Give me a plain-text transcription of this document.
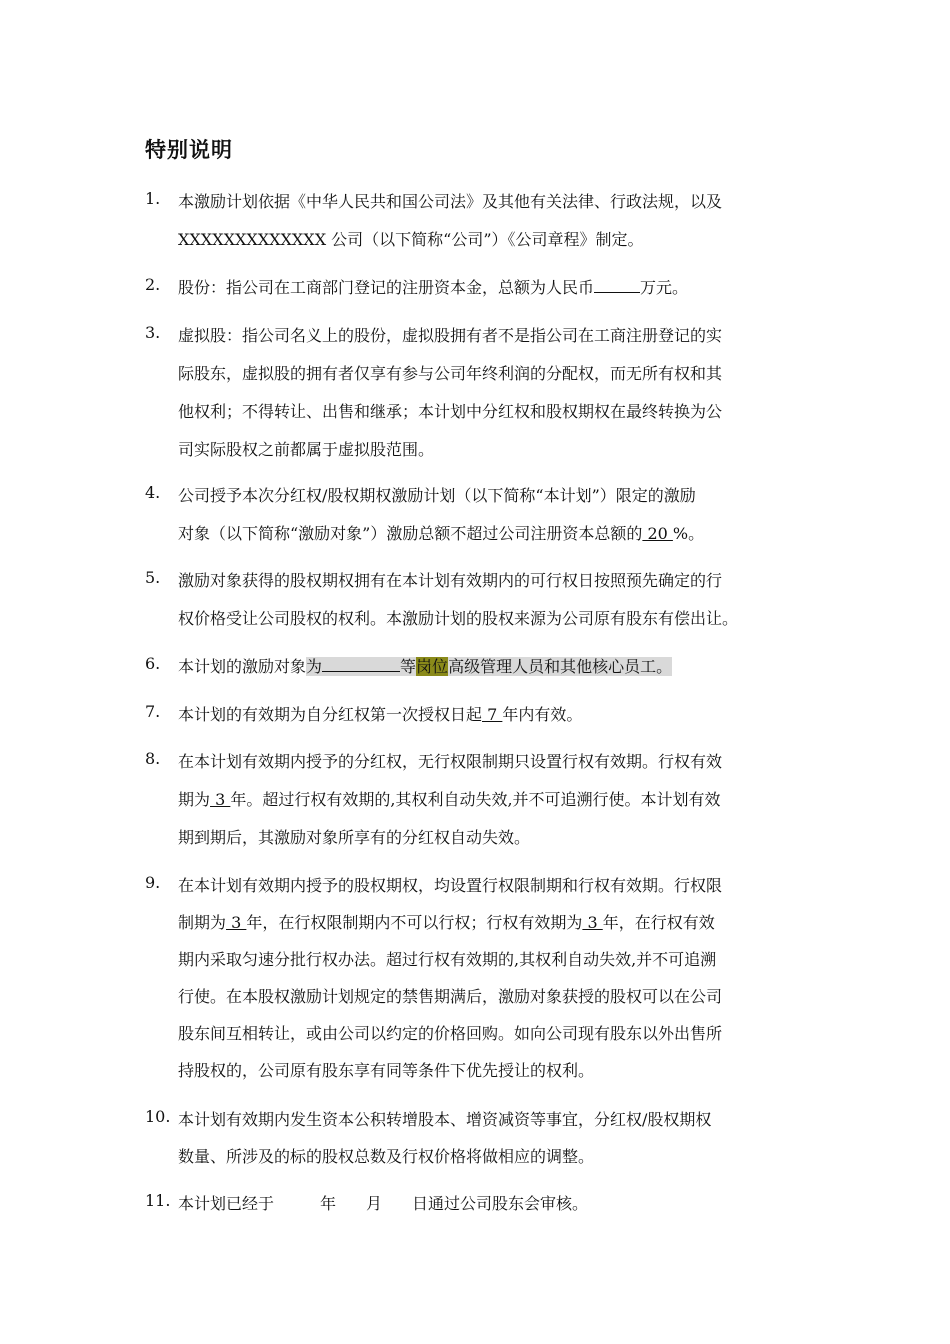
特别说明
1.	本激励计划依据《中华人民共和国公司法》及其他有关法律、行政法规，以及
XXXXXXXXXXXXX 公司（以下简称“公司”）《公司章程》制定。
2.	股份：指公司在工商部门登记的注册资本金，总额为人民币	万元。
3.	虚拟股：指公司名义上的股份，虚拟股拥有者不是指公司在工商注册登记的实
际股东，虚拟股的拥有者仅享有参与公司年终利润的分配权，而无所有权和其
他权利；不得转让、出售和继承；本计划中分红权和股权期权在最终转换为公
司实际股权之前都属于虚拟股范围。
4.	公司授予本次分红权/股权期权激励计划（以下简称“本计划”）限定的激励
对象（以下简称“激励对象”）激励总额不超过公司注册资本总额的 20 %。
5.	激励对象获得的股权期权拥有在本计划有效期内的可行权日按照预先确定的行
权价格受让公司股权的权利。本激励计划的股权来源为公司原有股东有偿出让。
6.	本计划的激励对象为	等岗位高级管理人员和其他核心员工。
7.	本计划的有效期为自分红权第一次授权日起 7 年内有效。
8.	在本计划有效期内授予的分红权，无行权限制期只设置行权有效期。行权有效
期为 3 年。超过行权有效期的,其权利自动失效,并不可追溯行使。本计划有效
期到期后，其激励对象所享有的分红权自动失效。
9.	在本计划有效期内授予的股权期权，均设置行权限制期和行权有效期。行权限
制期为 3 年，在行权限制期内不可以行权；行权有效期为 3 年，在行权有效
期内采取匀速分批行权办法。超过行权有效期的,其权利自动失效,并不可追溯
行使。在本股权激励计划规定的禁售期满后，激励对象获授的股权可以在公司
股东间互相转让，或由公司以约定的价格回购。如向公司现有股东以外出售所
持股权的，公司原有股东享有同等条件下优先授让的权利。
10. 本计划有效期内发生资本公积转增股本、增资减资等事宜，分红权/股权期权
数量、所涉及的标的股权总数及行权价格将做相应的调整。
11. 本计划已经于	年 月 日通过公司股东会审核。
